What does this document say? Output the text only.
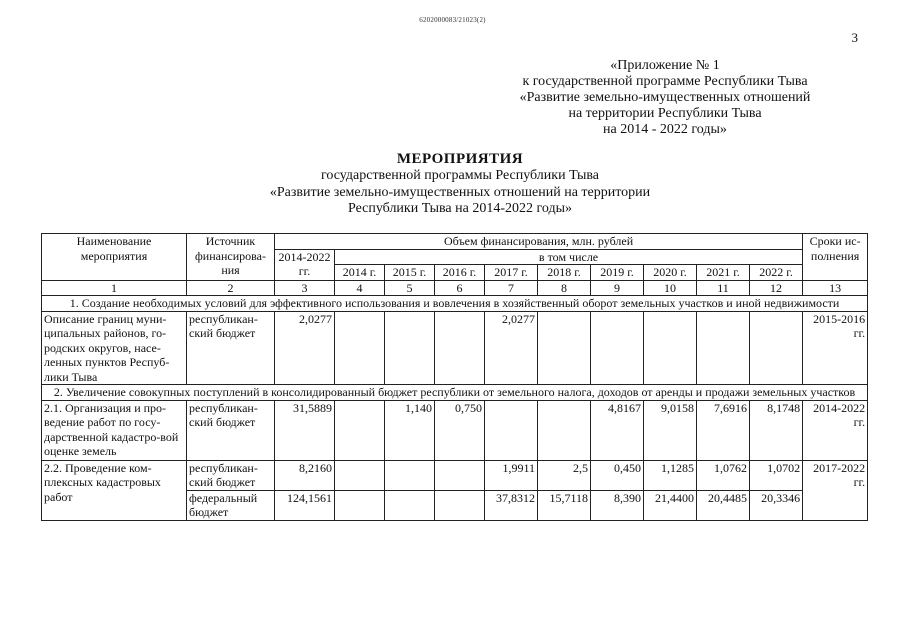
6202000083/21023(2)
3
«Приложение № 1
к государственной программе Республики Тыва
«Развитие земельно-имущественных отношений
на территории Республики Тыва
на 2014 - 2022 годы»
МЕРОПРИЯТИЯ
государственной программы Республики Тыва
«Развитие земельно-имущественных отношений на территории
Республики Тыва на 2014-2022 годы»
Наименование мероприятия	Источник финансирова-ния	Объем финансирования, млн. рублей										Сроки ис-полнения
		2014-2022 гг.	в том числе									
			2014 г.	2015 г.	2016 г.	2017 г.	2018 г.	2019 г.	2020 г.	2021 г.	2022 г.	
1	2	3	4	5	6	7	8	9	10	11	12	13
1. Создание необходимых условий для эффективного использования и вовлечения в хозяйственный оборот земельных участков и иной недвижимости												
Описание границ муни-ципальных районов, го-родских округов, насе-ленных пунктов Респуб-лики Тыва	республикан-ский бюджет	2,0277				2,0277						2015-2016 гг.
2. Увеличение совокупных поступлений в консолидированный бюджет республики от земельного налога, доходов от аренды и продажи земельных участков												
2.1. Организация и про-ведение работ по госу-дарственной кадастро-вой оценке земель	республикан-ский бюджет	31,5889		1,140	0,750			4,8167	9,0158	7,6916	8,1748	2014-2022 гг.
2.2. Проведение ком-плексных кадастровых работ	республикан-ский бюджет	8,2160				1,9911	2,5	0,450	1,1285	1,0762	1,0702	2017-2022 гг.
	федеральный бюджет	124,1561				37,8312	15,7118	8,390	21,4400	20,4485	20,3346	
